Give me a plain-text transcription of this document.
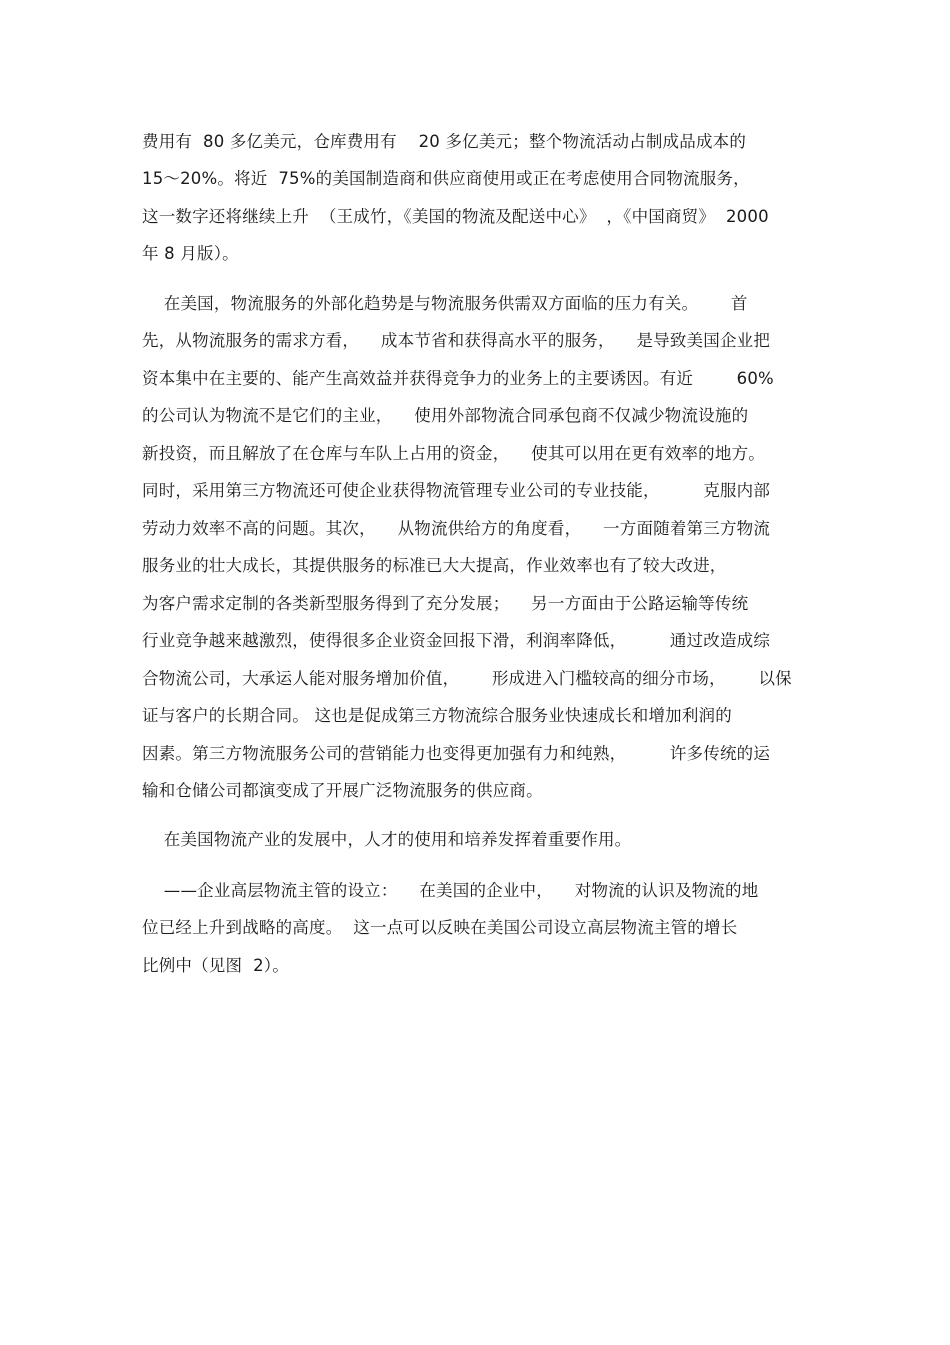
费用有  80 多亿美元，仓库费用有    20 多亿美元；整个物流活动占制成品成本的
15～20%。将近  75%的美国制造商和供应商使用或正在考虑使用合同物流服务，
这一数字还将继续上升  （王成竹，《美国的物流及配送中心》  ，《中国商贸》  2000
年 8 月版）。
在美国，物流服务的外部化趋势是与物流服务供需双方面临的压力有关。      首
先，从物流服务的需求方看，    成本节省和获得高水平的服务，    是导致美国企业把
资本集中在主要的、能产生高效益并获得竞争力的业务上的主要诱因。有近        60%
的公司认为物流不是它们的主业，    使用外部物流合同承包商不仅减少物流设施的
新投资，而且解放了在仓库与车队上占用的资金，    使其可以用在更有效率的地方。
同时，采用第三方物流还可使企业获得物流管理专业公司的专业技能，        克服内部
劳动力效率不高的问题。其次，    从物流供给方的角度看，    一方面随着第三方物流
服务业的壮大成长，其提供服务的标准已大大提高，作业效率也有了较大改进，
为客户需求定制的各类新型服务得到了充分发展；    另一方面由于公路运输等传统
行业竞争越来越激烈，使得很多企业资金回报下滑，利润率降低，        通过改造成综
合物流公司，大承运人能对服务增加价值，      形成进入门槛较高的细分市场，      以保
证与客户的长期合同。 这也是促成第三方物流综合服务业快速成长和增加利润的
因素。第三方物流服务公司的营销能力也变得更加强有力和纯熟，        许多传统的运
输和仓储公司都演变成了开展广泛物流服务的供应商。
在美国物流产业的发展中，人才的使用和培养发挥着重要作用。
——企业高层物流主管的设立：    在美国的企业中，    对物流的认识及物流的地
位已经上升到战略的高度。  这一点可以反映在美国公司设立高层物流主管的增长
比例中（见图  2）。
